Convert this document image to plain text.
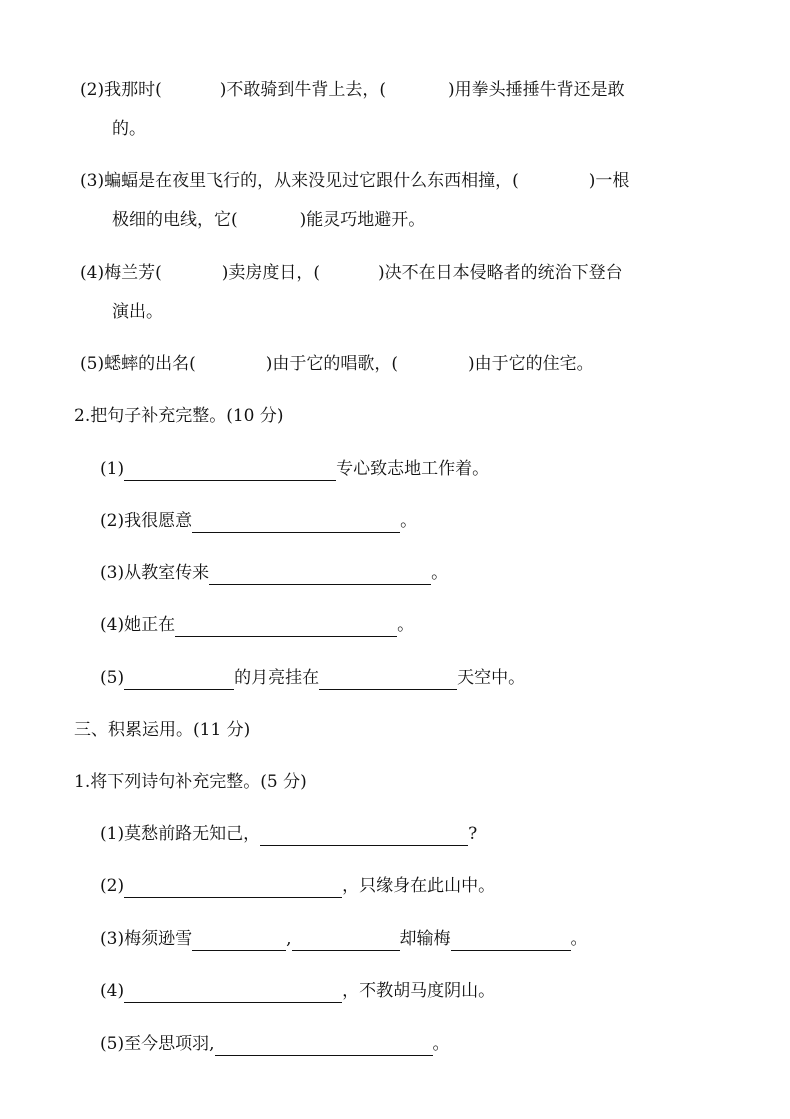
(2)我那时(	)不敢骑到牛背上去，(	)用拳头捶捶牛背还是敢
的。
(3)蝙蝠是在夜里飞行的，从来没见过它跟什么东西相撞，(	)一根
极细的电线，它(	)能灵巧地避开。
(4)梅兰芳(	)卖房度日，(	)决不在日本侵略者的统治下登台
演出。
(5)蟋蟀的出名(	)由于它的唱歌，(	)由于它的住宅。
2.把句子补充完整。(10 分)
(1)	专心致志地工作着。
(2)我很愿意	。
(3)从教室传来	。
(4)她正在	。
(5)	的月亮挂在	天空中。
三、积累运用。(11 分)
1.将下列诗句补充完整。(5 分)
(1)莫愁前路无知己，	?
(2)	，只缘身在此山中。
(3)梅须逊雪	,	却输梅	。
(4)	，不教胡马度阴山。
(5)至今思项羽,	。
